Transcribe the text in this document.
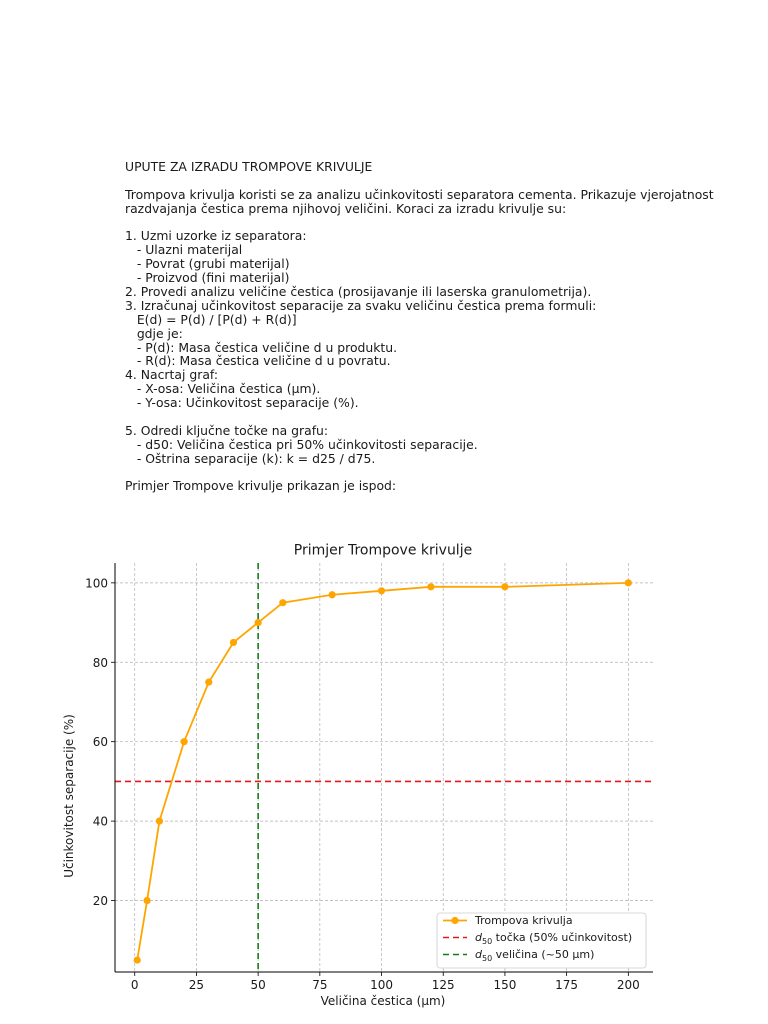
UPUTE ZA IZRADU TROMPOVE KRIVULJE
Trompova krivulja koristi se za analizu učinkovitosti separatora cementa. Prikazuje vjerojatnost
razdvajanja čestica prema njihovoj veličini. Koraci za izradu krivulje su:
1. Uzmi uzorke iz separatora:
- Ulazni materijal
- Povrat (grubi materijal)
- Proizvod (fini materijal)
2. Provedi analizu veličine čestica (prosijavanje ili laserska granulometrija).
3. Izračunaj učinkovitost separacije za svaku veličinu čestica prema formuli:
E(d) = P(d) / [P(d) + R(d)]
gdje je:
- P(d): Masa čestica veličine d u produktu.
- R(d): Masa čestica veličine d u povratu.
4. Nacrtaj graf:
- X-osa: Veličina čestica (µm).
- Y-osa: Učinkovitost separacije (%).
5. Odredi ključne točke na grafu:
- d50: Veličina čestica pri 50% učinkovitosti separacije.
- Oštrina separacije (k): k = d25 / d75.
Primjer Trompove krivulje prikazan je ispod:
0	25	50	75	100	125	150	175	200
20
40
60
80
100
Primjer Trompove krivulje
Veličina čestica (µm)
Učinkovitost separacije (%)
Trompova krivulja
$d_{50}$ točka (50% učinkovitost)
$d_{50}$ veličina (~50 µm)
